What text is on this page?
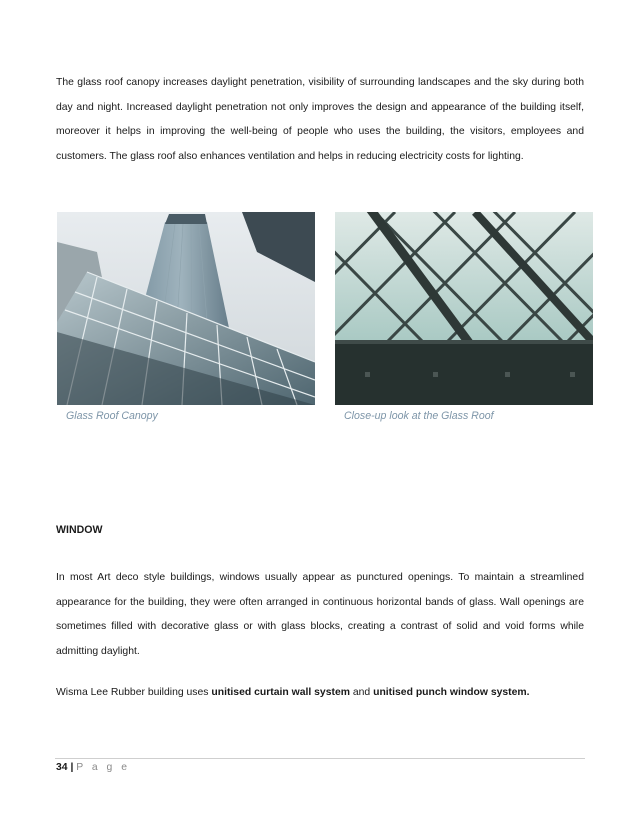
The glass roof canopy increases daylight penetration, visibility of surrounding landscapes and the sky during both day and night. Increased daylight penetration not only improves the design and appearance of the building itself, moreover it helps in improving the well-being of people who uses the building, the visitors, employees and customers. The glass roof also enhances ventilation and helps in reducing electricity costs for lighting.

Glass Roof Canopy	Close-up look at the Glass Roof

WINDOW

In most Art deco style buildings, windows usually appear as punctured openings. To maintain a streamlined appearance for the building, they were often arranged in continuous horizontal bands of glass. Wall openings are sometimes filled with decorative glass or with glass blocks, creating a contrast of solid and void forms while admitting daylight.

Wisma Lee Rubber building uses unitised curtain wall system and unitised punch window system.

34 | P a g e
